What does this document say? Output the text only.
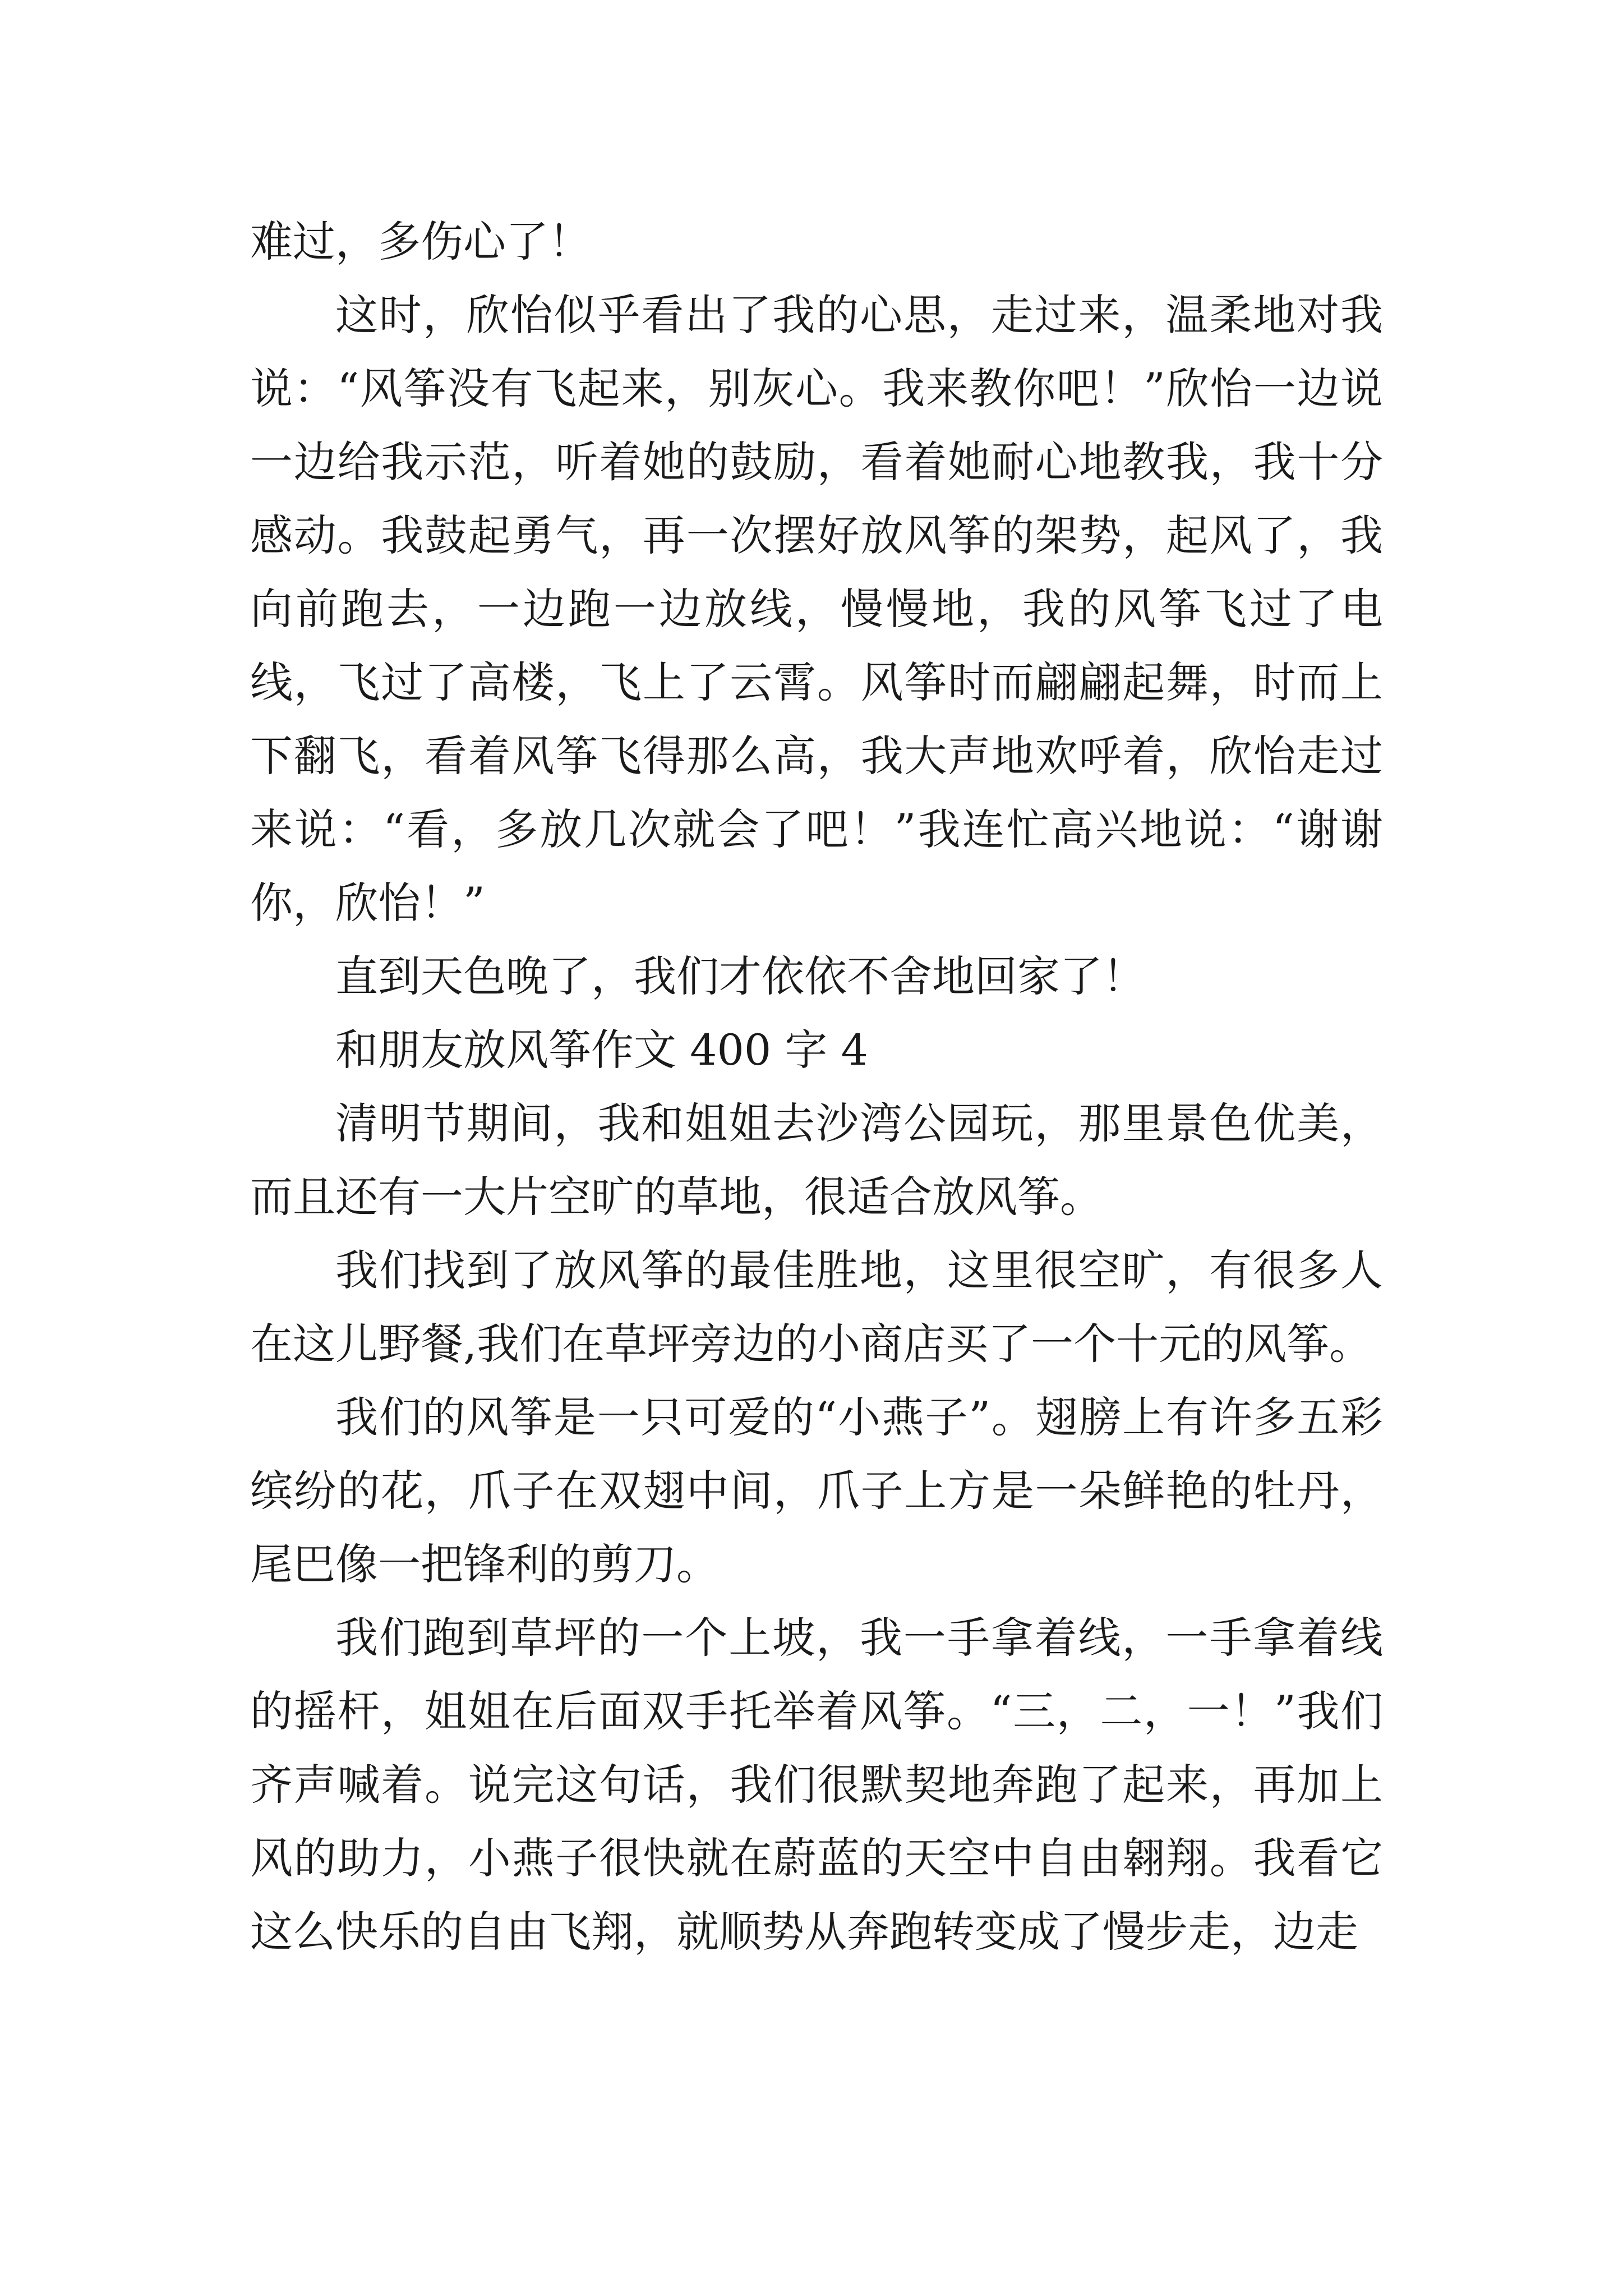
难过，多伤心了！

这时，欣怡似乎看出了我的心思，走过来，温柔地对我说：“风筝没有飞起来，别灰心。我来教你吧！”欣怡一边说一边给我示范，听着她的鼓励，看着她耐心地教我，我十分感动。我鼓起勇气，再一次摆好放风筝的架势，起风了，我向前跑去，一边跑一边放线，慢慢地，我的风筝飞过了电线，飞过了高楼，飞上了云霄。风筝时而翩翩起舞，时而上下翻飞，看着风筝飞得那么高，我大声地欢呼着，欣怡走过来说：“看，多放几次就会了吧！”我连忙高兴地说：“谢谢你，欣怡！”

直到天色晚了，我们才依依不舍地回家了！

和朋友放风筝作文 400 字 4

清明节期间，我和姐姐去沙湾公园玩，那里景色优美，而且还有一大片空旷的草地，很适合放风筝。

我们找到了放风筝的最佳胜地，这里很空旷，有很多人在这儿野餐,我们在草坪旁边的小商店买了一个十元的风筝。

我们的风筝是一只可爱的“小燕子”。翅膀上有许多五彩缤纷的花，爪子在双翅中间，爪子上方是一朵鲜艳的牡丹，尾巴像一把锋利的剪刀。

我们跑到草坪的一个上坡，我一手拿着线，一手拿着线的摇杆，姐姐在后面双手托举着风筝。“三，二，一！”我们齐声喊着。说完这句话，我们很默契地奔跑了起来，再加上风的助力，小燕子很快就在蔚蓝的天空中自由翱翔。我看它这么快乐的自由飞翔，就顺势从奔跑转变成了慢步走，边走
